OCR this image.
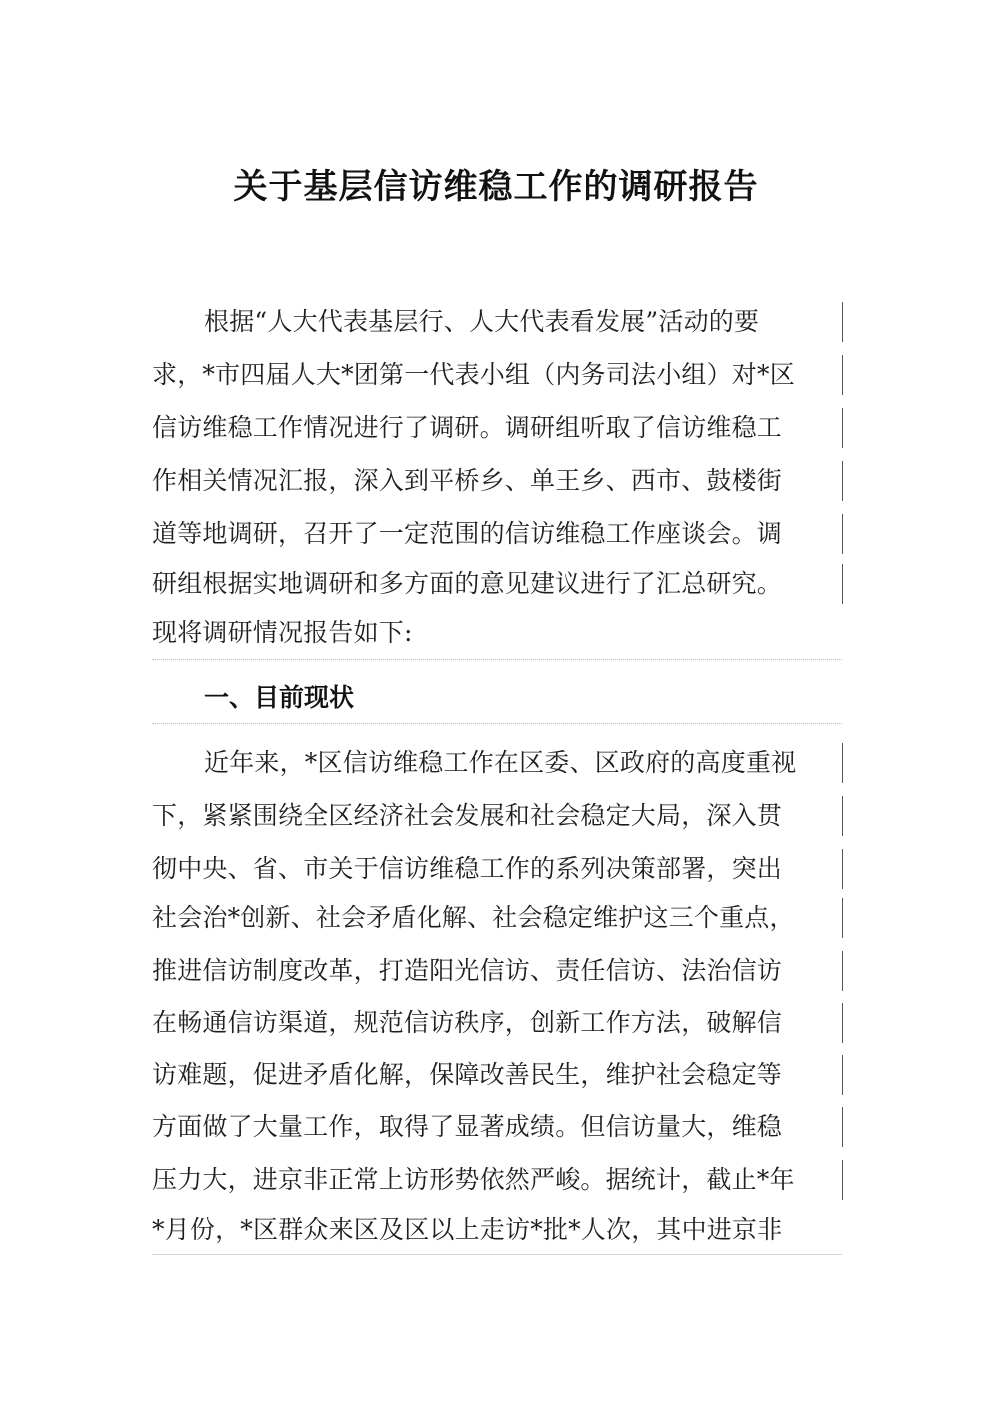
关于基层信访维稳工作的调研报告
根据“人大代表基层行、人大代表看发展”活动的要
求，*市四届人大*团第一代表小组（内务司法小组）对*区
信访维稳工作情况进行了调研。调研组听取了信访维稳工
作相关情况汇报，深入到平桥乡、单王乡、西市、鼓楼街
道等地调研，召开了一定范围的信访维稳工作座谈会。调
研组根据实地调研和多方面的意见建议进行了汇总研究。
现将调研情况报告如下:
一、目前现状
近年来，*区信访维稳工作在区委、区政府的高度重视
下，紧紧围绕全区经济社会发展和社会稳定大局，深入贯
彻中央、省、市关于信访维稳工作的系列决策部署，突出
社会治*创新、社会矛盾化解、社会稳定维护这三个重点，
推进信访制度改革，打造阳光信访、责任信访、法治信访
在畅通信访渠道，规范信访秩序，创新工作方法，破解信
访难题，促进矛盾化解，保障改善民生，维护社会稳定等
方面做了大量工作，取得了显著成绩。但信访量大，维稳
压力大，进京非正常上访形势依然严峻。据统计，截止*年
*月份，*区群众来区及区以上走访*批*人次，其中进京非
